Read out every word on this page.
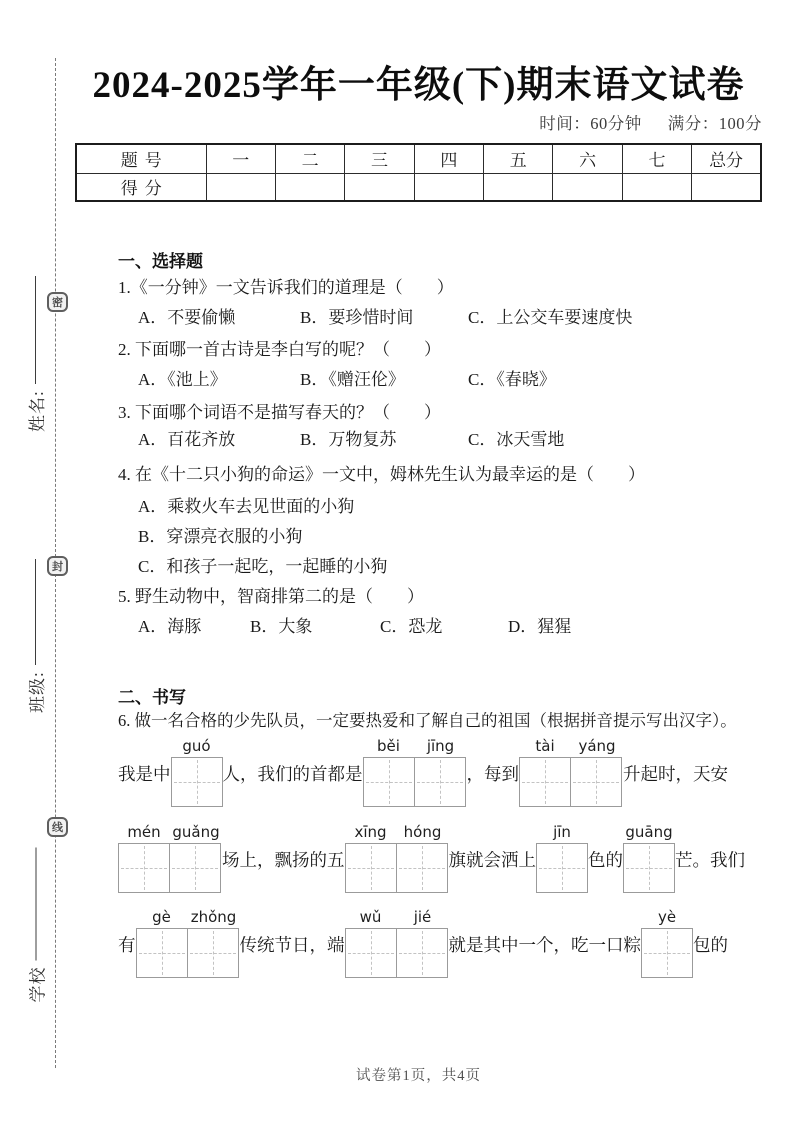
密
封
线
姓名:
班级:
学校
2024-2025学年一年级(下)期末语文试卷
时间：60分钟 满分：100分
题号	一	二	三	四	五	六	七	总分
得分								
一、选择题
1.《一分钟》一文告诉我们的道理是（　　）
A．不要偷懒	B．要珍惜时间	C．上公交车要速度快
2. 下面哪一首古诗是李白写的呢？（　　）
A．《池上》	B．《赠汪伦》	C．《春晓》
3. 下面哪个词语不是描写春天的？（　　）
A．百花齐放	B．万物复苏	C．冰天雪地
4. 在《十二只小狗的命运》一文中，姆林先生认为最幸运的是（　　）
A．乘救火车去见世面的小狗
B．穿漂亮衣服的小狗
C．和孩子一起吃，一起睡的小狗
5. 野生动物中，智商排第二的是（　　）
A．海豚	B．大象	C．恐龙	D．猩猩
二、书写
6. 做一名合格的少先队员，一定要热爱和了解自己的祖国（根据拼音提示写出汉字）。
我是中
guó
人，我们的首都是
běi	jīng
，每到
tài	yáng
升起时，天安
mén guǎng
场上，飘扬的五
xīng	hóng
旗就会洒上
jīn
色的
guāng
芒。我们
有
gè	zhǒng
传统节日，端
wǔ	jié
就是其中一个，吃一口粽
yè
包的
试卷第1页，共4页
